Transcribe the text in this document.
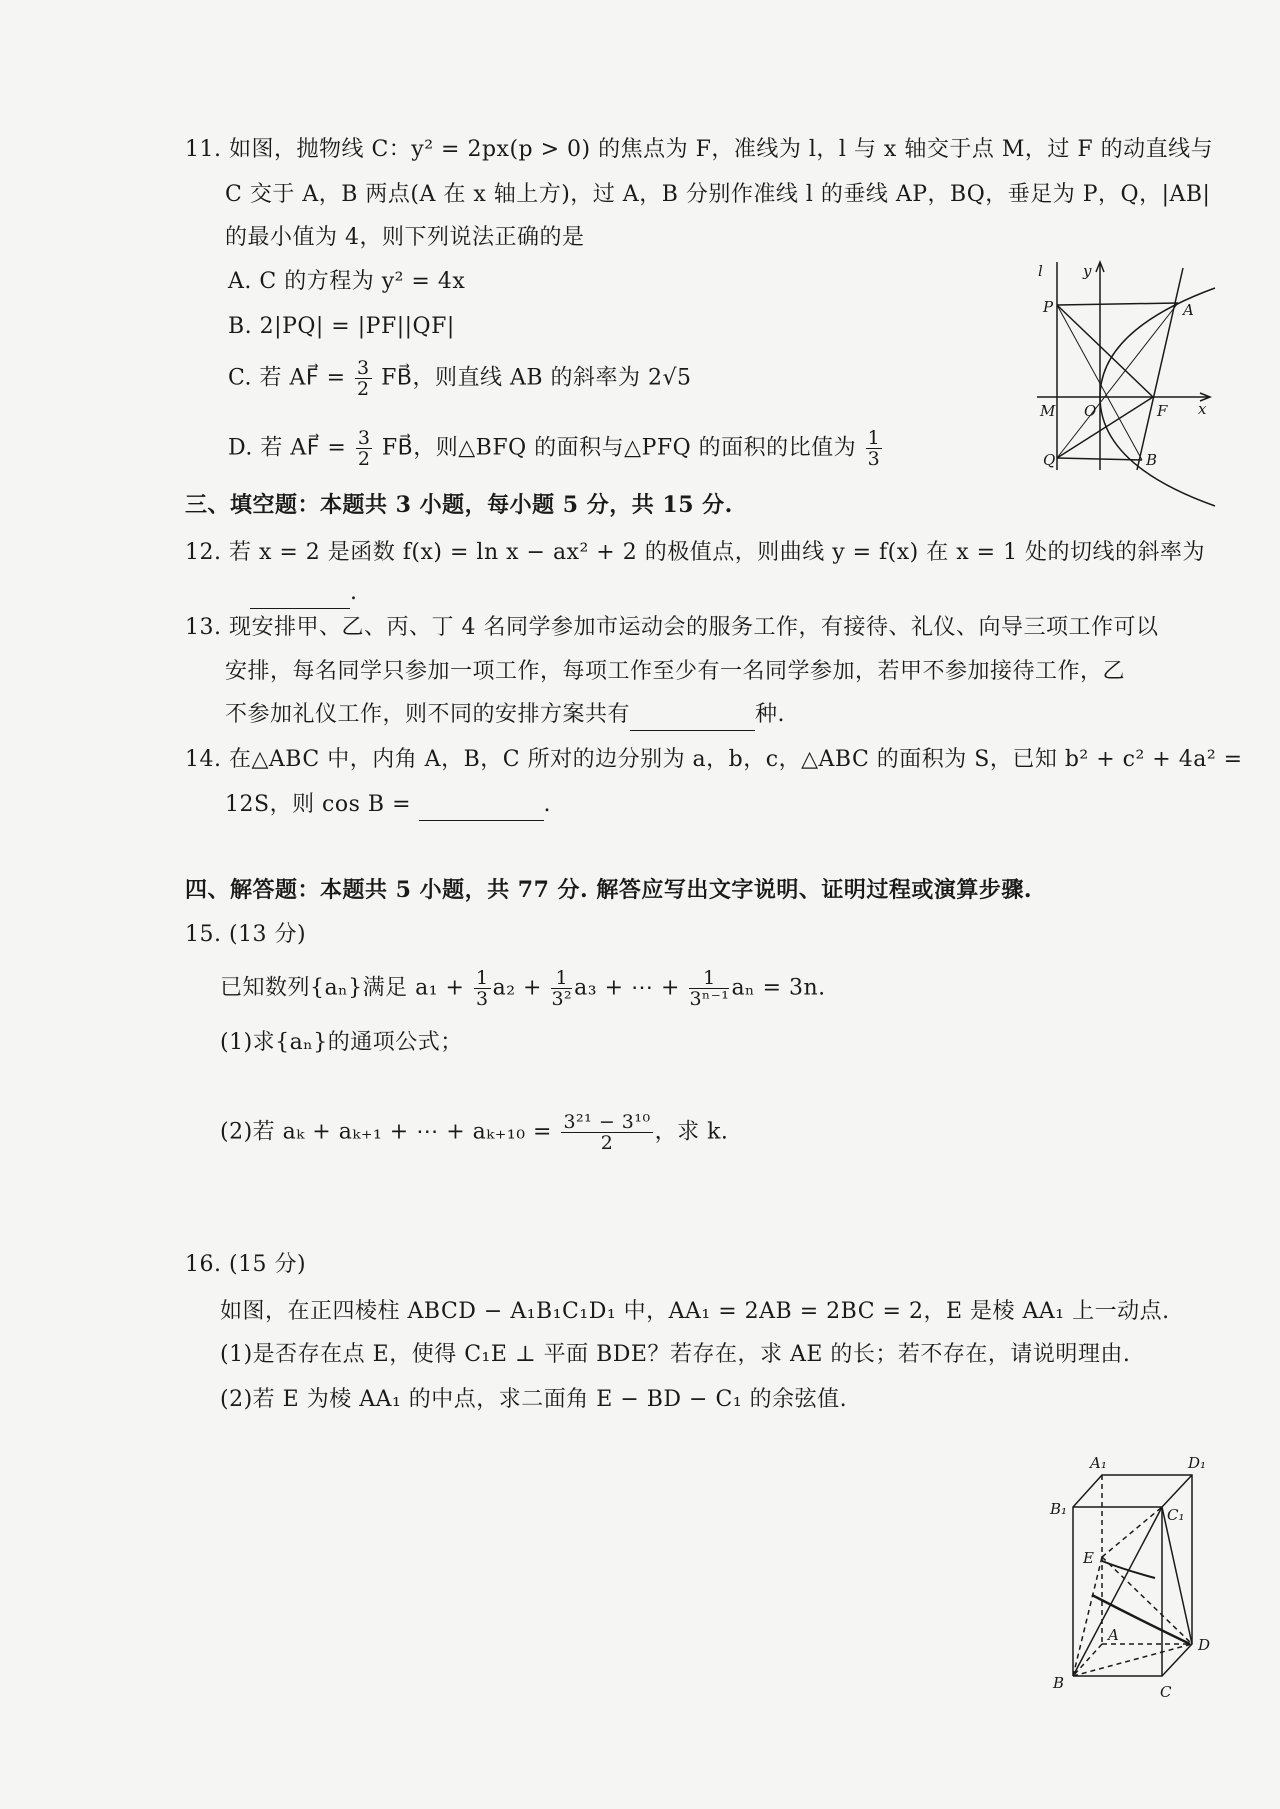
11. 如图，抛物线 C：y² = 2px(p > 0) 的焦点为 F，准线为 l，l 与 x 轴交于点 M，过 F 的动直线与
C 交于 A，B 两点(A 在 x 轴上方)，过 A，B 分别作准线 l 的垂线 AP，BQ，垂足为 P，Q，|AB|
的最小值为 4，则下列说法正确的是
A. C 的方程为 y² = 4x
B. 2|PQ| = |PF||QF|
C. 若 AF⃗ = $\frac{3}{2}$ FB⃗，则直线 AB 的斜率为 2√5
D. 若 AF⃗ = $\frac{3}{2}$ FB⃗，则△BFQ 的面积与△PFQ 的面积的比值为 $\frac{1}{3}$
三、填空题：本题共 3 小题，每小题 5 分，共 15 分.
12. 若 x = 2 是函数 f(x) = ln x − ax² + 2 的极值点，则曲线 y = f(x) 在 x = 1 处的切线的斜率为
.
13. 现安排甲、乙、丙、丁 4 名同学参加市运动会的服务工作，有接待、礼仪、向导三项工作可以
安排，每名同学只参加一项工作，每项工作至少有一名同学参加，若甲不参加接待工作，乙
不参加礼仪工作，则不同的安排方案共有	种.
14. 在△ABC 中，内角 A，B，C 所对的边分别为 a，b，c，△ABC 的面积为 S，已知 b² + c² + 4a² =
12S，则 cos B =	.
四、解答题：本题共 5 小题，共 77 分. 解答应写出文字说明、证明过程或演算步骤.
15. (13 分)
已知数列{aₙ}满足 $a_1 + \frac{1}{3} a_2 + \frac{1}{\text{3²}} a_3$ + ⋯ + $\frac{1}{\text{3ⁿ⁻¹}}$ aₙ = 3n.
(1)求{aₙ}的通项公式；
(2)若 aₖ + aₖ₊₁ + ⋯ + $a_{k+10} = \frac{\text{3²¹ − 3¹⁰}}{2}$ ，求 k.
16. (15 分)
如图，在正四棱柱 ABCD − A₁B₁C₁D₁ 中，AA₁ = 2AB = 2BC = 2，E 是棱 AA₁ 上一动点.
(1)是否存在点 E，使得 C₁E ⊥ 平面 BDE？若存在，求 AE 的长；若不存在，请说明理由.
(2)若 E 为棱 AA₁ 的中点，求二面角 E − BD − C₁ 的余弦值.
l	y
P	A
M O	F x
Q	B
A₁	D₁
B₁	C₁
E
A
B	C
D
